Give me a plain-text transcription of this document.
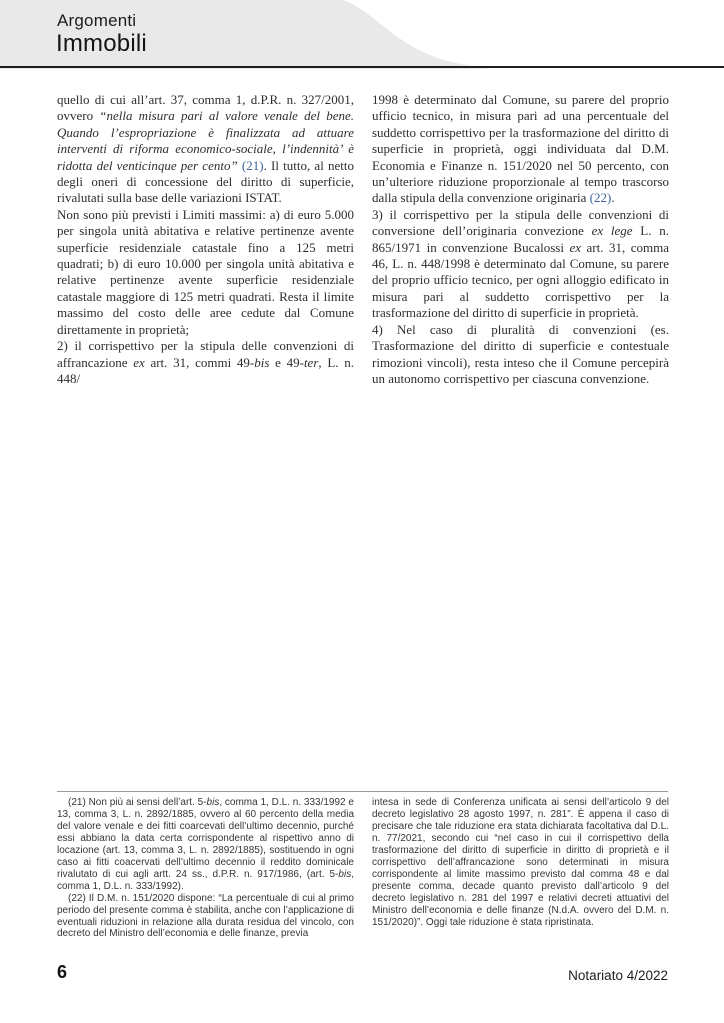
Argomenti
Immobili

quello di cui all’art. 37, comma 1, d.P.R. n. 327/2001, ovvero “nella misura pari al valore venale del bene. Quando l’espropriazione è finalizzata ad attuare interventi di riforma economico-sociale, l’indennità’ è ridotta del venticinque per cento” (21). Il tutto, al netto degli oneri di concessione del diritto di superficie, rivalutati sulla base delle variazioni ISTAT.

Non sono più previsti i Limiti massimi: a) di euro 5.000 per singola unità abitativa e relative pertinenze avente superficie residenziale catastale fino a 125 metri quadrati; b) di euro 10.000 per singola unità abitativa e relative pertinenze avente superficie residenziale catastale maggiore di 125 metri quadrati. Resta il limite massimo del costo delle aree cedute dal Comune direttamente in proprietà;

2) il corrispettivo per la stipula delle convenzioni di affrancazione ex art. 31, commi 49-bis e 49-ter, L. n. 448/

1998 è determinato dal Comune, su parere del proprio ufficio tecnico, in misura pari ad una percentuale del suddetto corrispettivo per la trasformazione del diritto di superficie in proprietà, oggi individuata dal D.M. Economia e Finanze n. 151/2020 nel 50 percento, con un’ulteriore riduzione proporzionale al tempo trascorso dalla stipula della convenzione originaria (22).

3) il corrispettivo per la stipula delle convenzioni di conversione dell’originaria convezione ex lege L. n. 865/1971 in convenzione Bucalossi ex art. 31, comma 46, L. n. 448/1998 è determinato dal Comune, su parere del proprio ufficio tecnico, per ogni alloggio edificato in misura pari al suddetto corrispettivo per la trasformazione del diritto di superficie in proprietà.

4) Nel caso di pluralità di convenzioni (es. Trasformazione del diritto di superficie e contestuale rimozioni vincoli), resta inteso che il Comune percepirà un autonomo corrispettivo per ciascuna convenzione.

(21) Non più ai sensi dell’art. 5-bis, comma 1, D.L. n. 333/1992 e 13, comma 3, L. n. 2892/1885, ovvero al 60 percento della media del valore venale e dei fitti coarcevati dell’ultimo decennio, purché essi abbiano la data certa corrispondente al rispettivo anno di locazione (art. 13, comma 3, L. n. 2892/1885), sostituendo in ogni caso ai fitti coacervati dell’ultimo decennio il reddito dominicale rivalutato di cui agli artt. 24 ss., d.P.R. n. 917/1986, (art. 5-bis, comma 1, D.L. n. 333/1992).

(22) Il D.M. n. 151/2020 dispone: “La percentuale di cui al primo periodo del presente comma è stabilita, anche con l’applicazione di eventuali riduzioni in relazione alla durata residua del vincolo, con decreto del Ministro dell’economia e delle finanze, previa

intesa in sede di Conferenza unificata ai sensi dell’articolo 9 del decreto legislativo 28 agosto 1997, n. 281”. È appena il caso di precisare che tale riduzione era stata dichiarata facoltativa dal D.L. n. 77/2021, secondo cui “nel caso in cui il corrispettivo della trasformazione del diritto di superficie in diritto di proprietà e il corrispettivo dell’affrancazione sono determinati in misura corrispondente al limite massimo previsto dal comma 48 e dal presente comma, decade quanto previsto dall’articolo 9 del decreto legislativo n. 281 del 1997 e relativi decreti attuativi del Ministro dell’economia e delle finanze (N.d.A. ovvero del D.M. n. 151/2020)”. Oggi tale riduzione è stata ripristinata.

6	Notariato 4/2022
